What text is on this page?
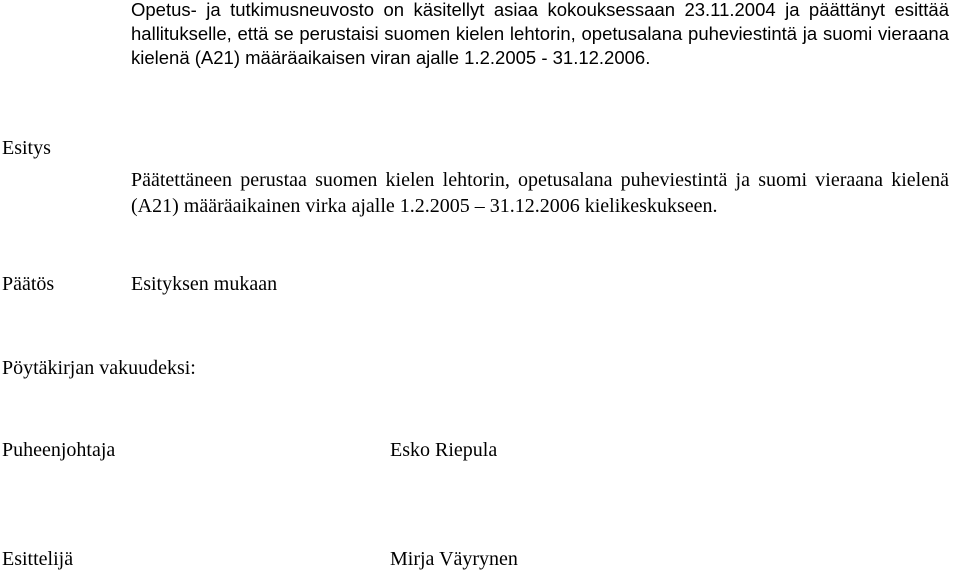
Opetus- ja tutkimusneuvosto on käsitellyt asiaa kokouksessaan 23.11.2004 ja päättänyt esittää hallitukselle, että se perustaisi suomen kielen lehtorin, opetusalana puheviestintä ja suomi vieraana kielenä (A21) määräaikaisen viran ajalle 1.2.2005 - 31.12.2006.
Esitys
Päätettäneen perustaa suomen kielen lehtorin, opetusalana puheviestintä ja suomi vieraana kielenä (A21) määräaikainen virka ajalle 1.2.2005 – 31.12.2006 kielikeskukseen.
Päätös	Esityksen mukaan
Pöytäkirjan vakuudeksi:
Puheenjohtaja	Esko Riepula
Esittelijä	Mirja Väyrynen
